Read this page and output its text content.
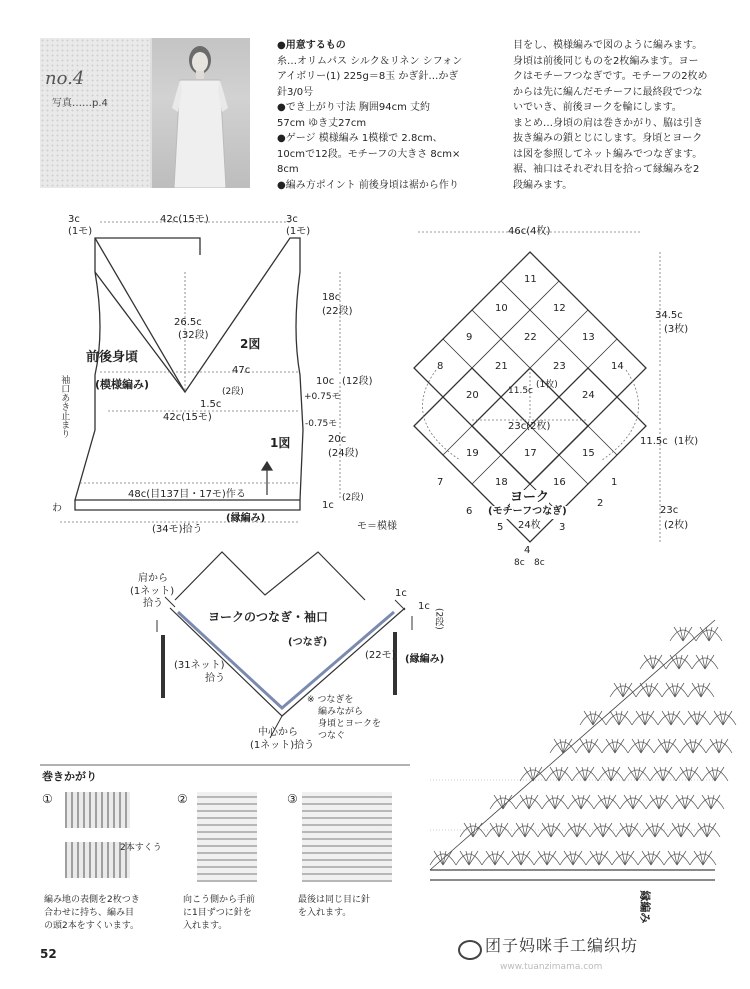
no.4
写真……p.4

●用意するもの

糸…オリムパス シルク＆リネン シフォン

アイボリー(1) 225g＝8玉 かぎ針…かぎ

針3/0号

●でき上がり寸法 胸囲94cm 丈約

57cm ゆき丈27cm

●ゲージ 模様編み 1模様で 2.8cm、

10cmで12段。モチーフの大きさ 8cm×

8cm

●編み方ポイント 前後身頃は裾から作り

目をし、模様編みで図のように編みます。

身頃は前後同じものを2枚編みます。ヨー

クはモチーフつなぎです。モチーフの2枚め

からは先に編んだモチーフに最終段でつな

いでいき、前後ヨークを輪にします。

まとめ…身頃の肩は巻きかがり、脇は引き

抜き編みの鎖とじにします。身頃とヨーク

は図を参照してネット編みでつなぎます。

裾、袖口はそれぞれ目を拾って縁編みを2

段編みます。

3c
(1モ)
42c(15モ)	3c
(1モ)
26.5c
(32段)
2図
前後身頃
(模様編み)
袖口あき止まり
47c
1.5c
(2段)
42c(15モ)
18c
(22段)
10c (12段)
+0.75モ
-0.75モ
20c
(24段)
1図
48c(目137目・17モ)作る
(縁編み)
1c
(2段)
(34モ)拾う
わ
モ＝模様
46c(4枚)
34.5c
(3枚)
11.5c (1枚)
23c
(2枚)
11.5c
(1枚)
23c(2枚)
ヨーク
(モチーフつなぎ)
24枚
8c 8c
1
2
3
4
5
6
7
8
9
10
11
12
13
14
15
16
17
18
19
20
21
22
23
24
肩から
(1ネット)
拾う
ヨークのつなぎ・袖口
(つなぎ)
(31ネット)
拾う
(22モ) (縁編み)
1c
1c
(2段)
中心から
(1ネット)拾う
※ つなぎを
編みながら
身頃とヨークを
つなぐ
巻きかがり
①	②	③
2本すくう
編み地の表側を2枚つき
合わせに持ち、編み目
の頭2本をすくいます。
向こう側から手前
に1目ずつに針を
入れます。
最後は同じ目に針
を入れます。	縁編み
52	团子妈咪手工编织坊
www.tuanzimama.com
